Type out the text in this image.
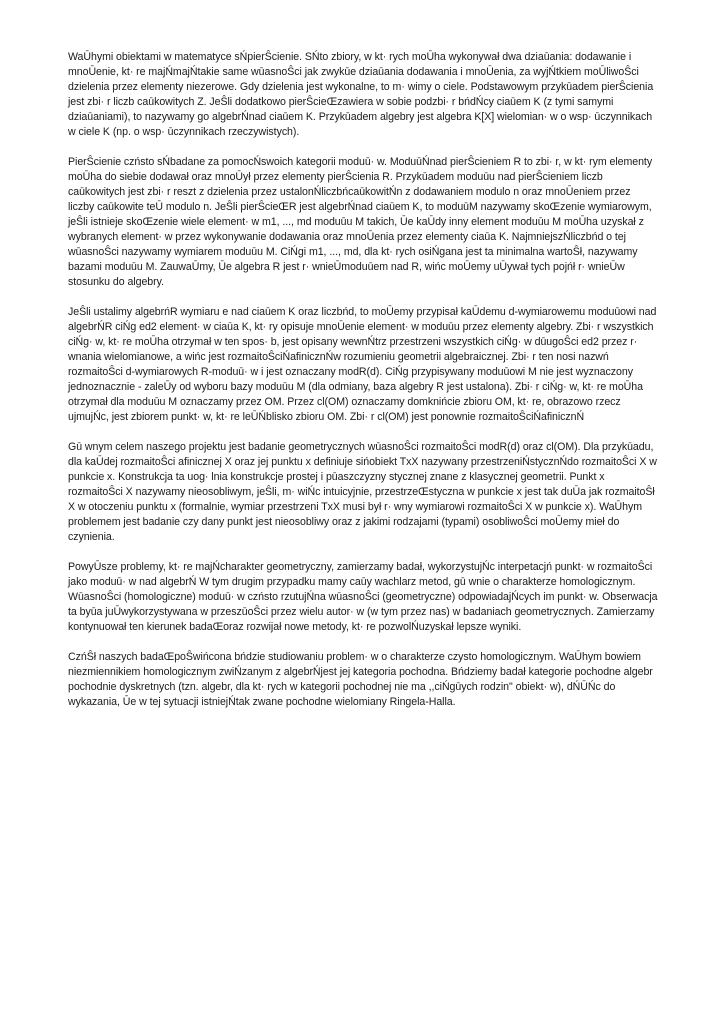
WaŪhymi obiektami w matematyce sŃpierŜcienie. SŃto zbiory, w kt· rych moŪha wykonywał dwa dziaūania: dodawanie i mnoŪenie, kt· re majŃmajŃtakie same wūasnoŜci jak zwykūe dziaūania dodawania i mnoŪenia, za wyjŃtkiem moŪliwoŜci dzielenia przez elementy niezerowe. Gdy dzielenia jest wykonalne, to m· wimy o ciele. Podstawowym przykūadem pierŜcienia jest zbi· r liczb caūkowitych Z. JeŜli dodatkowo pierŜcieŒzawiera w sobie podzbi· r bńdŃcy ciaūem K (z tymi samymi dziaūaniami), to nazywamy go algebrŃnad ciaūem K. Przykūadem algebry jest algebra K[X] wielomian· w o wsp· ūczynnikach w ciele K (np. o wsp· ūczynnikach rzeczywistych).

PierŜcienie czństo sŃbadane za pomocŃswoich kategorii moduū· w. ModuūŃnad pierŜcieniem R to zbi· r, w kt· rym elementy moŪha do siebie dodawał oraz mnoŪył przez elementy pierŜcienia R. Przykūadem moduūu nad pierŜcieniem liczb caūkowitych jest zbi· r reszt z dzielenia przez ustalonŃliczbńcaūkowitŃn z dodawaniem modulo n oraz mnoŪeniem przez liczby caūkowite teŪ modulo n. JeŜli pierŜcieŒR jest algebrŃnad ciaūem K, to moduūM nazywamy skoŒzenie wymiarowym, jeŜli istnieje skoŒzenie wiele element· w m1, ..., md moduūu M takich, Ūe kaŪdy inny element moduūu M moŪha uzyskał z wybranych element· w przez wykonywanie dodawania oraz mnoŪenia przez elementy ciaūa K. NajmniejszŃliczbńd o tej wūasnoŜci nazywamy wymiarem moduūu M. CiŃgi m1, ..., md, dla kt· rych osiŃgana jest ta minimalna wartoŜł, nazywamy bazami moduūu M. ZauwaŪmy, Ūe algebra R jest r· wnieŪmoduūem nad R, wińc moŪemy uŪywał tych pojńł r· wnieŪw stosunku do algebry.

JeŜli ustalimy algebrńR wymiaru e nad ciaūem K oraz liczbńd, to moŪemy przypisał kaŪdemu d-wymiarowemu moduūowi nad algebrŃR ciŃg ed2 element· w ciaūa K, kt· ry opisuje mnoŪenie element· w moduūu przez elementy algebry. Zbi· r wszystkich ciŃg· w, kt· re moŪha otrzymał w ten spos· b, jest opisany wewnŃtrz przestrzeni wszystkich ciŃg· w dūugoŜci ed2 przez r· wnania wielomianowe, a wińc jest rozmaitoŜciŃafinicznŃw rozumieniu geometrii algebraicznej. Zbi· r ten nosi nazwń rozmaitoŜci d-wymiarowych R-moduū· w i jest oznaczany modR(d). CiŃg przypisywany moduūowi M nie jest wyznaczony jednoznacznie - zaleŪy od wyboru bazy moduūu M (dla odmiany, baza algebry R jest ustalona). Zbi· r ciŃg· w, kt· re moŪha otrzymał dla moduūu M oznaczamy przez OM. Przez cl(OM) oznaczamy domknińcie zbioru OM, kt· re, obrazowo rzecz ujmujŃc, jest zbiorem punkt· w, kt· re leŪŃblisko zbioru OM. Zbi· r cl(OM) jest ponownie rozmaitoŜciŃafinicznŃ

Gū wnym celem naszego projektu jest badanie geometrycznych wūasnoŜci rozmaitoŜci modR(d) oraz cl(OM). Dla przykūadu, dla kaŪdej rozmaitoŜci afinicznej X oraz jej punktu x definiuje sińobiekt TxX nazywany przestrzeniŃstycznŃdo rozmaitoŜci X w punkcie x. Konstrukcja ta uog· lnia konstrukcje prostej i pūaszczyzny stycznej znane z klasycznej geometrii. Punkt x rozmaitoŜci X nazywamy nieosobliwym, jeŜli, m· wiŃc intuicyjnie, przestrzeŒstyczna w punkcie x jest tak duŪa jak rozmaitoŜł X w otoczeniu punktu x (formalnie, wymiar przestrzeni TxX musi był r· wny wymiarowi rozmaitoŜci X w punkcie x). WaŪhym problemem jest badanie czy dany punkt jest nieosobliwy oraz z jakimi rodzajami (typami) osobliwoŜci moŪemy mieł do czynienia.

PowyŪsze problemy, kt· re majŃcharakter geometryczny, zamierzamy badał, wykorzystujŃc interpetacjń punkt· w rozmaitoŜci jako moduū· w nad algebrŃ W tym drugim przypadku mamy caūy wachlarz metod, gū wnie o charakterze homologicznym. WūasnoŜci (homologiczne) moduū· w czństo rzutujŃna wūasnoŜci (geometryczne) odpowiadajŃcych im punkt· w. Obserwacja ta byūa juŪwykorzystywana w przeszūoŜci przez wielu autor· w (w tym przez nas) w badaniach geometrycznych. Zamierzamy kontynuował ten kierunek badaŒoraz rozwijał nowe metody, kt· re pozwolŃuzyskał lepsze wyniki.

CzńŜł naszych badaŒpoŜwińcona bńdzie studiowaniu problem· w o charakterze czysto homologicznym. WaŪhym bowiem niezmiennikiem homologicznym zwiŃzanym z algebrŃjest jej kategoria pochodna. Bńdziemy badał kategorie pochodne algebr pochodnie dyskretnych (tzn. algebr, dla kt· rych w kategorii pochodnej nie ma ,,ciŃgūych rodzin" obiekt· w), dŃŪŃc do wykazania, Ūe w tej sytuacji istniejŃtak zwane pochodne wielomiany Ringela-Halla.
